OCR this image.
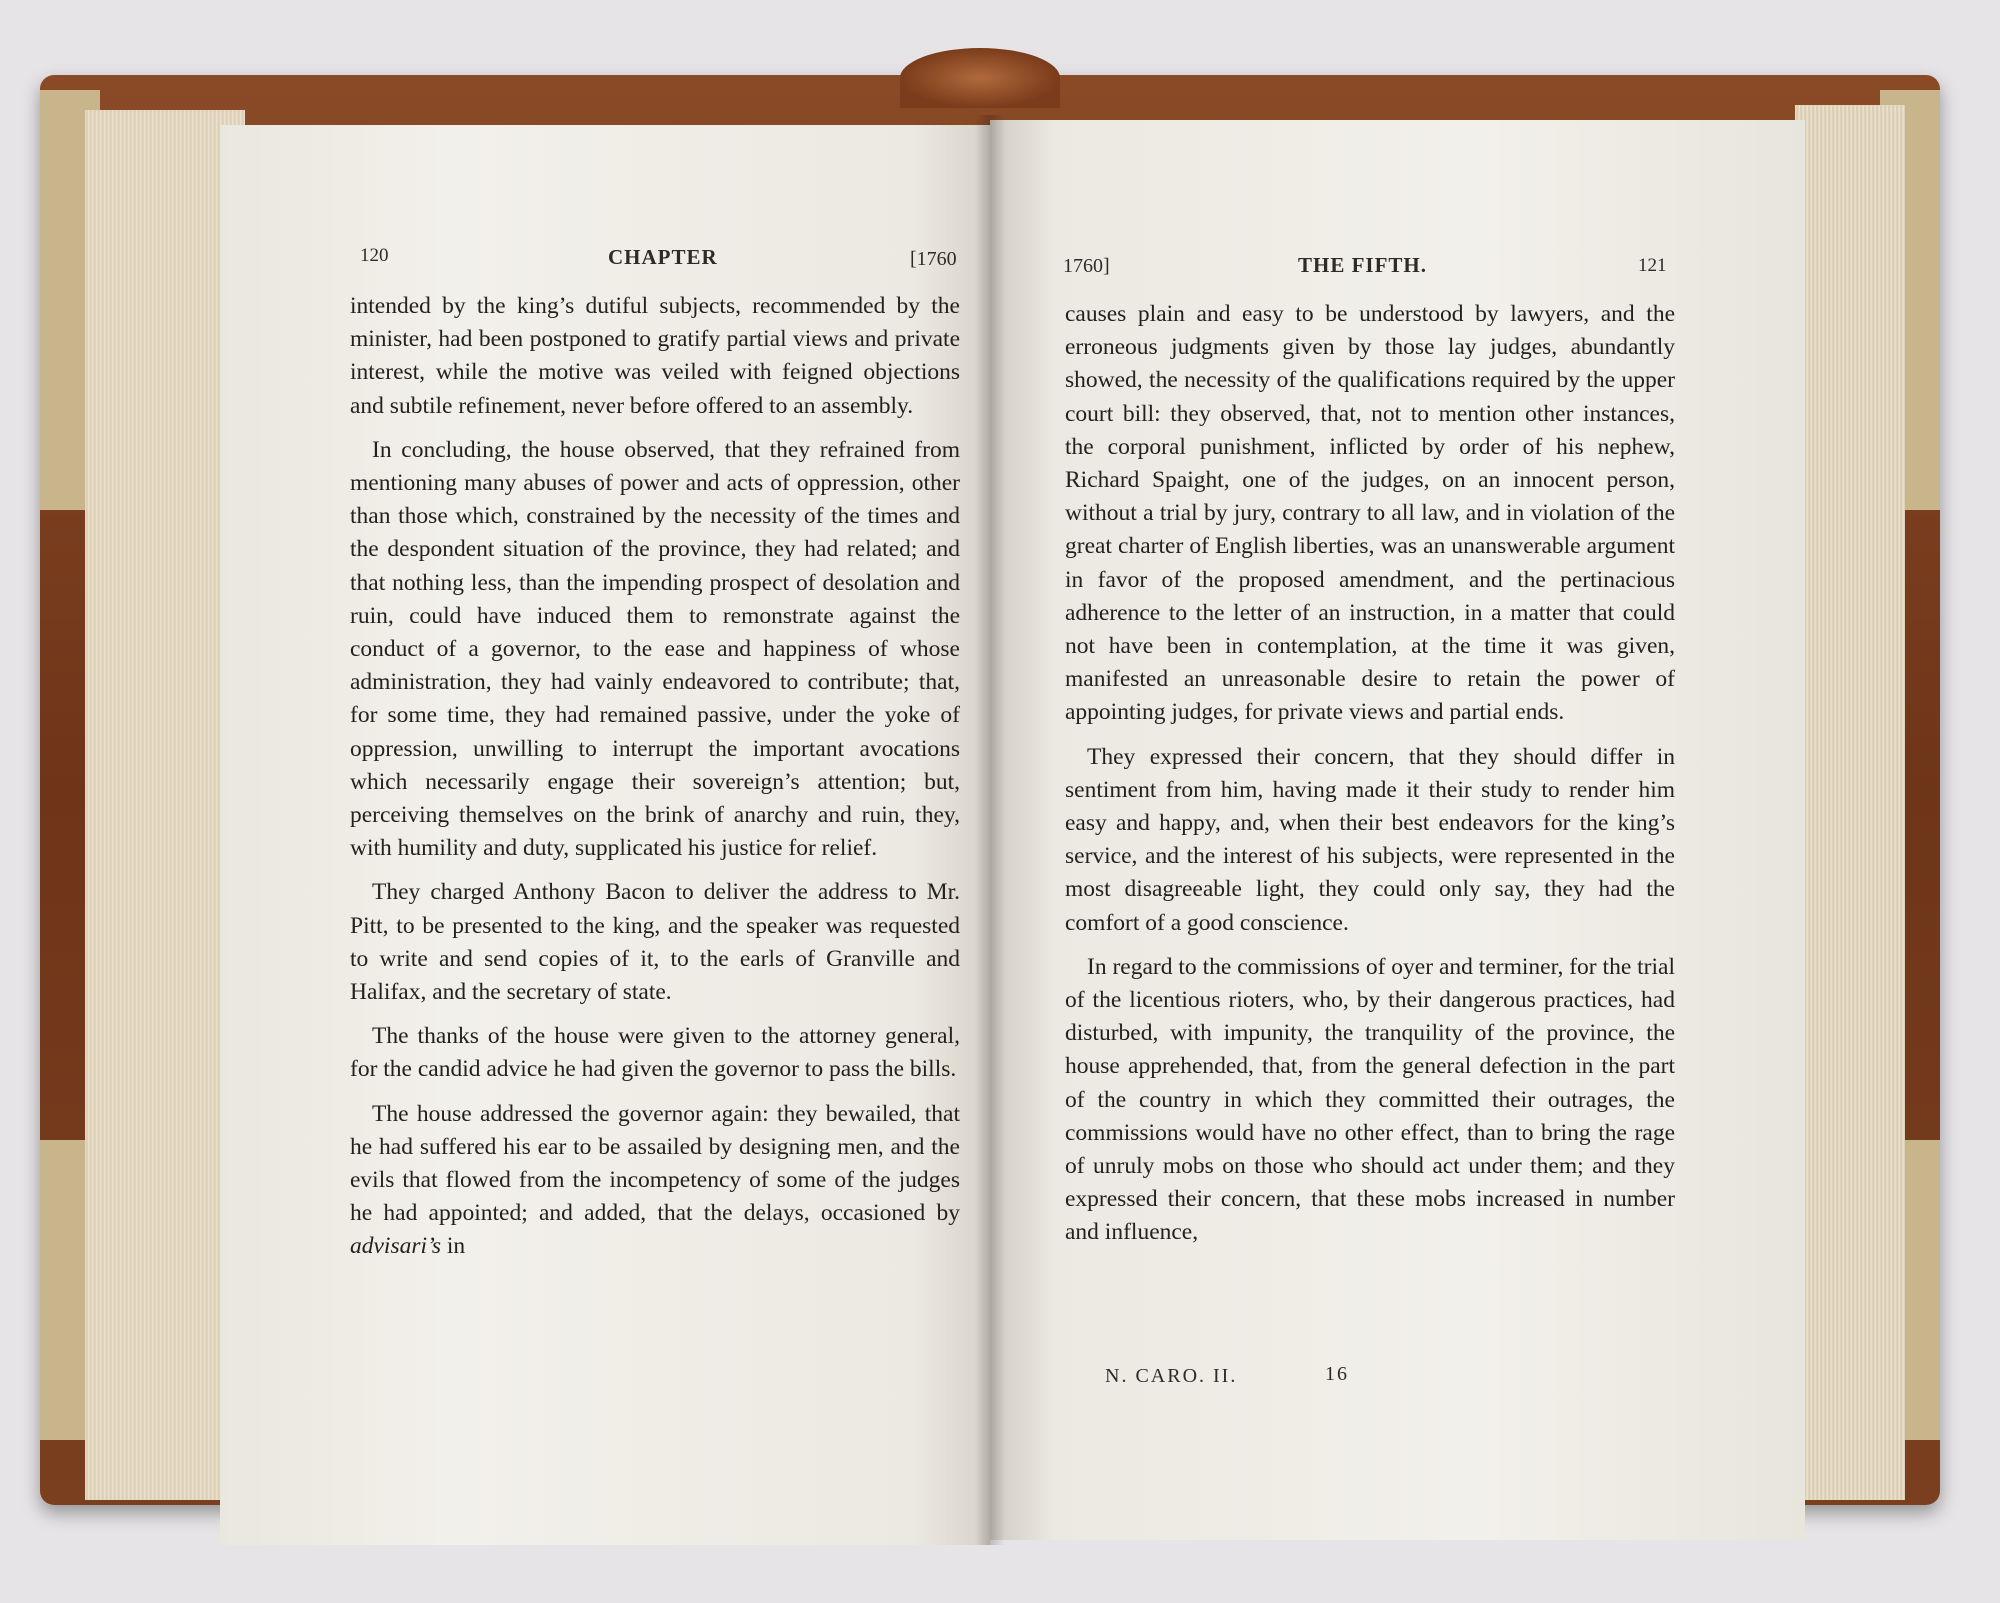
120	CHAPTER	[1760

intended by the king’s dutiful subjects, recommended by the minister, had been postponed to gratify partial views and private interest, while the motive was veiled with feigned objections and subtile refinement, never before offered to an assembly.

In concluding, the house observed, that they refrained from mentioning many abuses of power and acts of oppression, other than those which, constrained by the necessity of the times and the despondent situation of the province, they had related; and that nothing less, than the impending prospect of desolation and ruin, could have induced them to remonstrate against the conduct of a governor, to the ease and happiness of whose administration, they had vainly endeavored to contribute; that, for some time, they had remained passive, under the yoke of oppression, unwilling to interrupt the important avocations which necessarily engage their sovereign’s attention; but, perceiving themselves on the brink of anarchy and ruin, they, with humility and duty, supplicated his justice for relief.

They charged Anthony Bacon to deliver the address to Mr. Pitt, to be presented to the king, and the speaker was requested to write and send copies of it, to the earls of Granville and Halifax, and the secretary of state.

The thanks of the house were given to the attorney general, for the candid advice he had given the governor to pass the bills.

The house addressed the governor again: they bewailed, that he had suffered his ear to be assailed by designing men, and the evils that flowed from the incompetency of some of the judges he had appointed; and added, that the delays, occasioned by advisari’s in

1760]	THE FIFTH.	121

causes plain and easy to be understood by lawyers, and the erroneous judgments given by those lay judges, abundantly showed, the necessity of the qualifications required by the upper court bill: they observed, that, not to mention other instances, the corporal punishment, inflicted by order of his nephew, Richard Spaight, one of the judges, on an innocent person, without a trial by jury, contrary to all law, and in violation of the great charter of English liberties, was an unanswerable argument in favor of the proposed amendment, and the pertinacious adherence to the letter of an instruction, in a matter that could not have been in contemplation, at the time it was given, manifested an unreasonable desire to retain the power of appointing judges, for private views and partial ends.

They expressed their concern, that they should differ in sentiment from him, having made it their study to render him easy and happy, and, when their best endeavors for the king’s service, and the interest of his subjects, were represented in the most disagreeable light, they could only say, they had the comfort of a good conscience.

In regard to the commissions of oyer and terminer, for the trial of the licentious rioters, who, by their dangerous practices, had disturbed, with impunity, the tranquility of the province, the house apprehended, that, from the general defection in the part of the country in which they committed their outrages, the commissions would have no other effect, than to bring the rage of unruly mobs on those who should act under them; and they expressed their concern, that these mobs increased in number and influence,

N. CARO. II.	16
